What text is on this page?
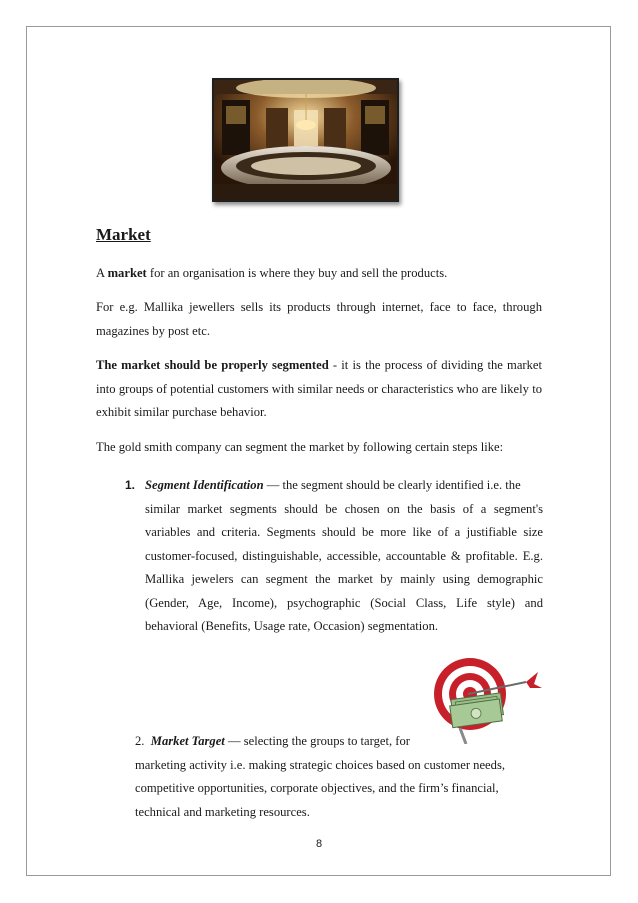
Market

A market for an organisation is where they buy and sell the products.

For e.g. Mallika jewellers sells its products through internet, face to face, through magazines by post etc.

The market should be properly segmented - it is the process of dividing the market into groups of potential customers with similar needs or characteristics who are likely to exhibit similar purchase behavior.

The gold smith company can segment the market by following certain steps like:

1. Segment Identification — the segment should be clearly identified i.e. the
similar market segments should be chosen on the basis of a segment's variables and criteria. Segments should be more like of a justifiable size customer-focused, distinguishable, accessible, accountable & profitable. E.g. Mallika jewelers can segment the market by mainly using demographic (Gender, Age, Income), psychographic (Social Class, Life style) and behavioral (Benefits, Usage rate, Occasion) segmentation.
2. Market Target — selecting the groups to target, for
marketing activity i.e. making strategic choices based on customer needs,
competitive opportunities, corporate objectives, and the firm’s financial,
technical and marketing resources.
8
